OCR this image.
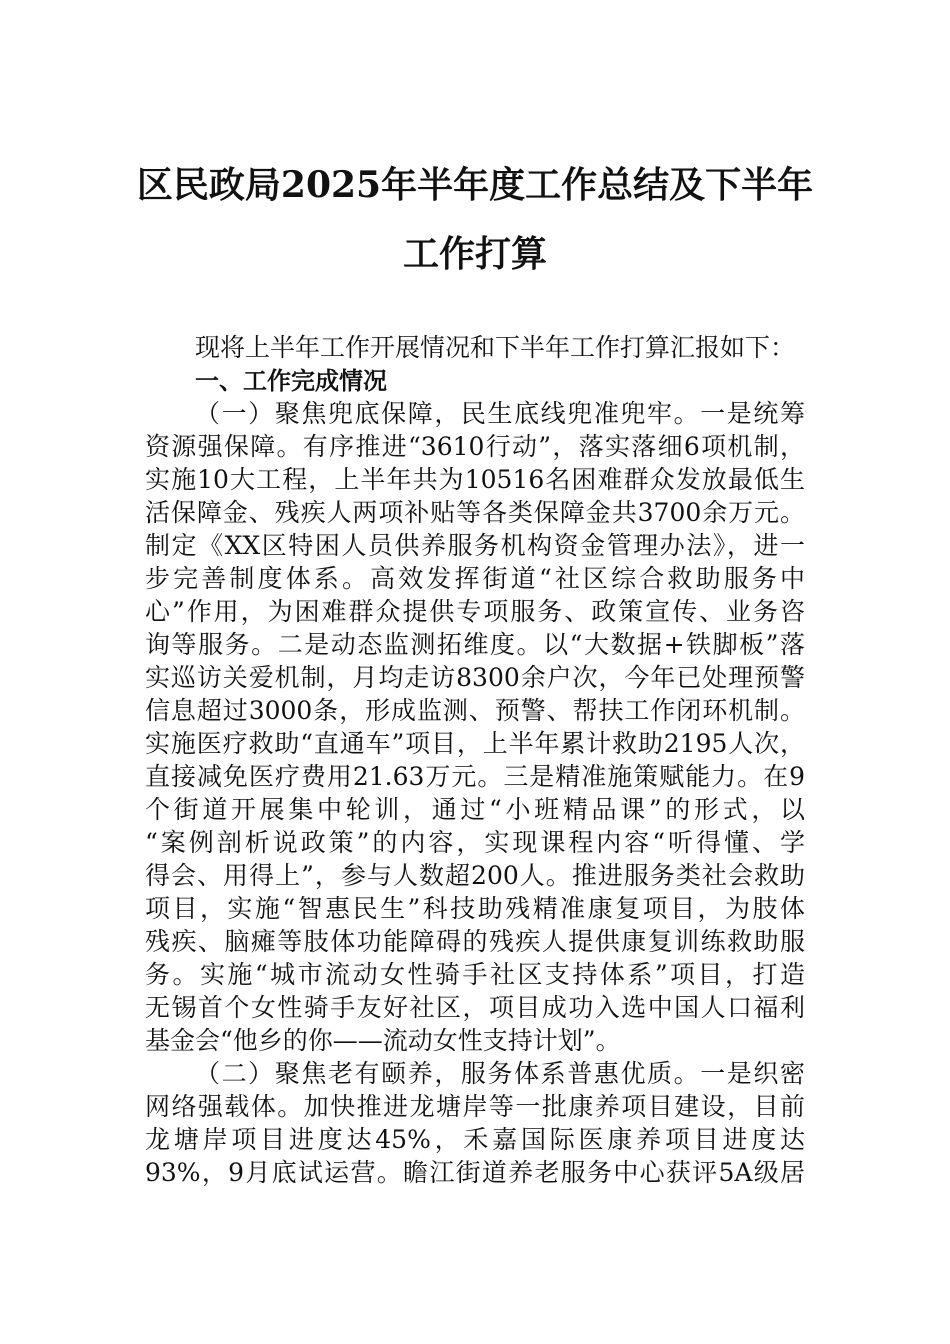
区民政局2025年半年度工作总结及下半年
工作打算
现将上半年工作开展情况和下半年工作打算汇报如下：
一、工作完成情况
（一）聚焦兜底保障，民生底线兜准兜牢。一是统筹
资源强保障。有序推进“3610行动”，落实落细6项机制，
实施10大工程，上半年共为10516名困难群众发放最低生
活保障金、残疾人两项补贴等各类保障金共3700余万元。
制定《XX区特困人员供养服务机构资金管理办法》，进一
步完善制度体系。高效发挥街道“社区综合救助服务中
心”作用，为困难群众提供专项服务、政策宣传、业务咨
询等服务。二是动态监测拓维度。以“大数据+铁脚板”落
实巡访关爱机制，月均走访8300余户次，今年已处理预警
信息超过3000条，形成监测、预警、帮扶工作闭环机制。
实施医疗救助“直通车”项目，上半年累计救助2195人次，
直接减免医疗费用21.63万元。三是精准施策赋能力。在9
个街道开展集中轮训，通过“小班精品课”的形式，以
“案例剖析说政策”的内容，实现课程内容“听得懂、学
得会、用得上”，参与人数超200人。推进服务类社会救助
项目，实施“智惠民生”科技助残精准康复项目，为肢体
残疾、脑瘫等肢体功能障碍的残疾人提供康复训练救助服
务。实施“城市流动女性骑手社区支持体系”项目，打造
无锡首个女性骑手友好社区，项目成功入选中国人口福利
基金会“他乡的你——流动女性支持计划”。
（二）聚焦老有颐养，服务体系普惠优质。一是织密
网络强载体。加快推进龙塘岸等一批康养项目建设，目前
龙塘岸项目进度达45%，禾嘉国际医康养项目进度达
93%，9月底试运营。瞻江街道养老服务中心获评5A级居
